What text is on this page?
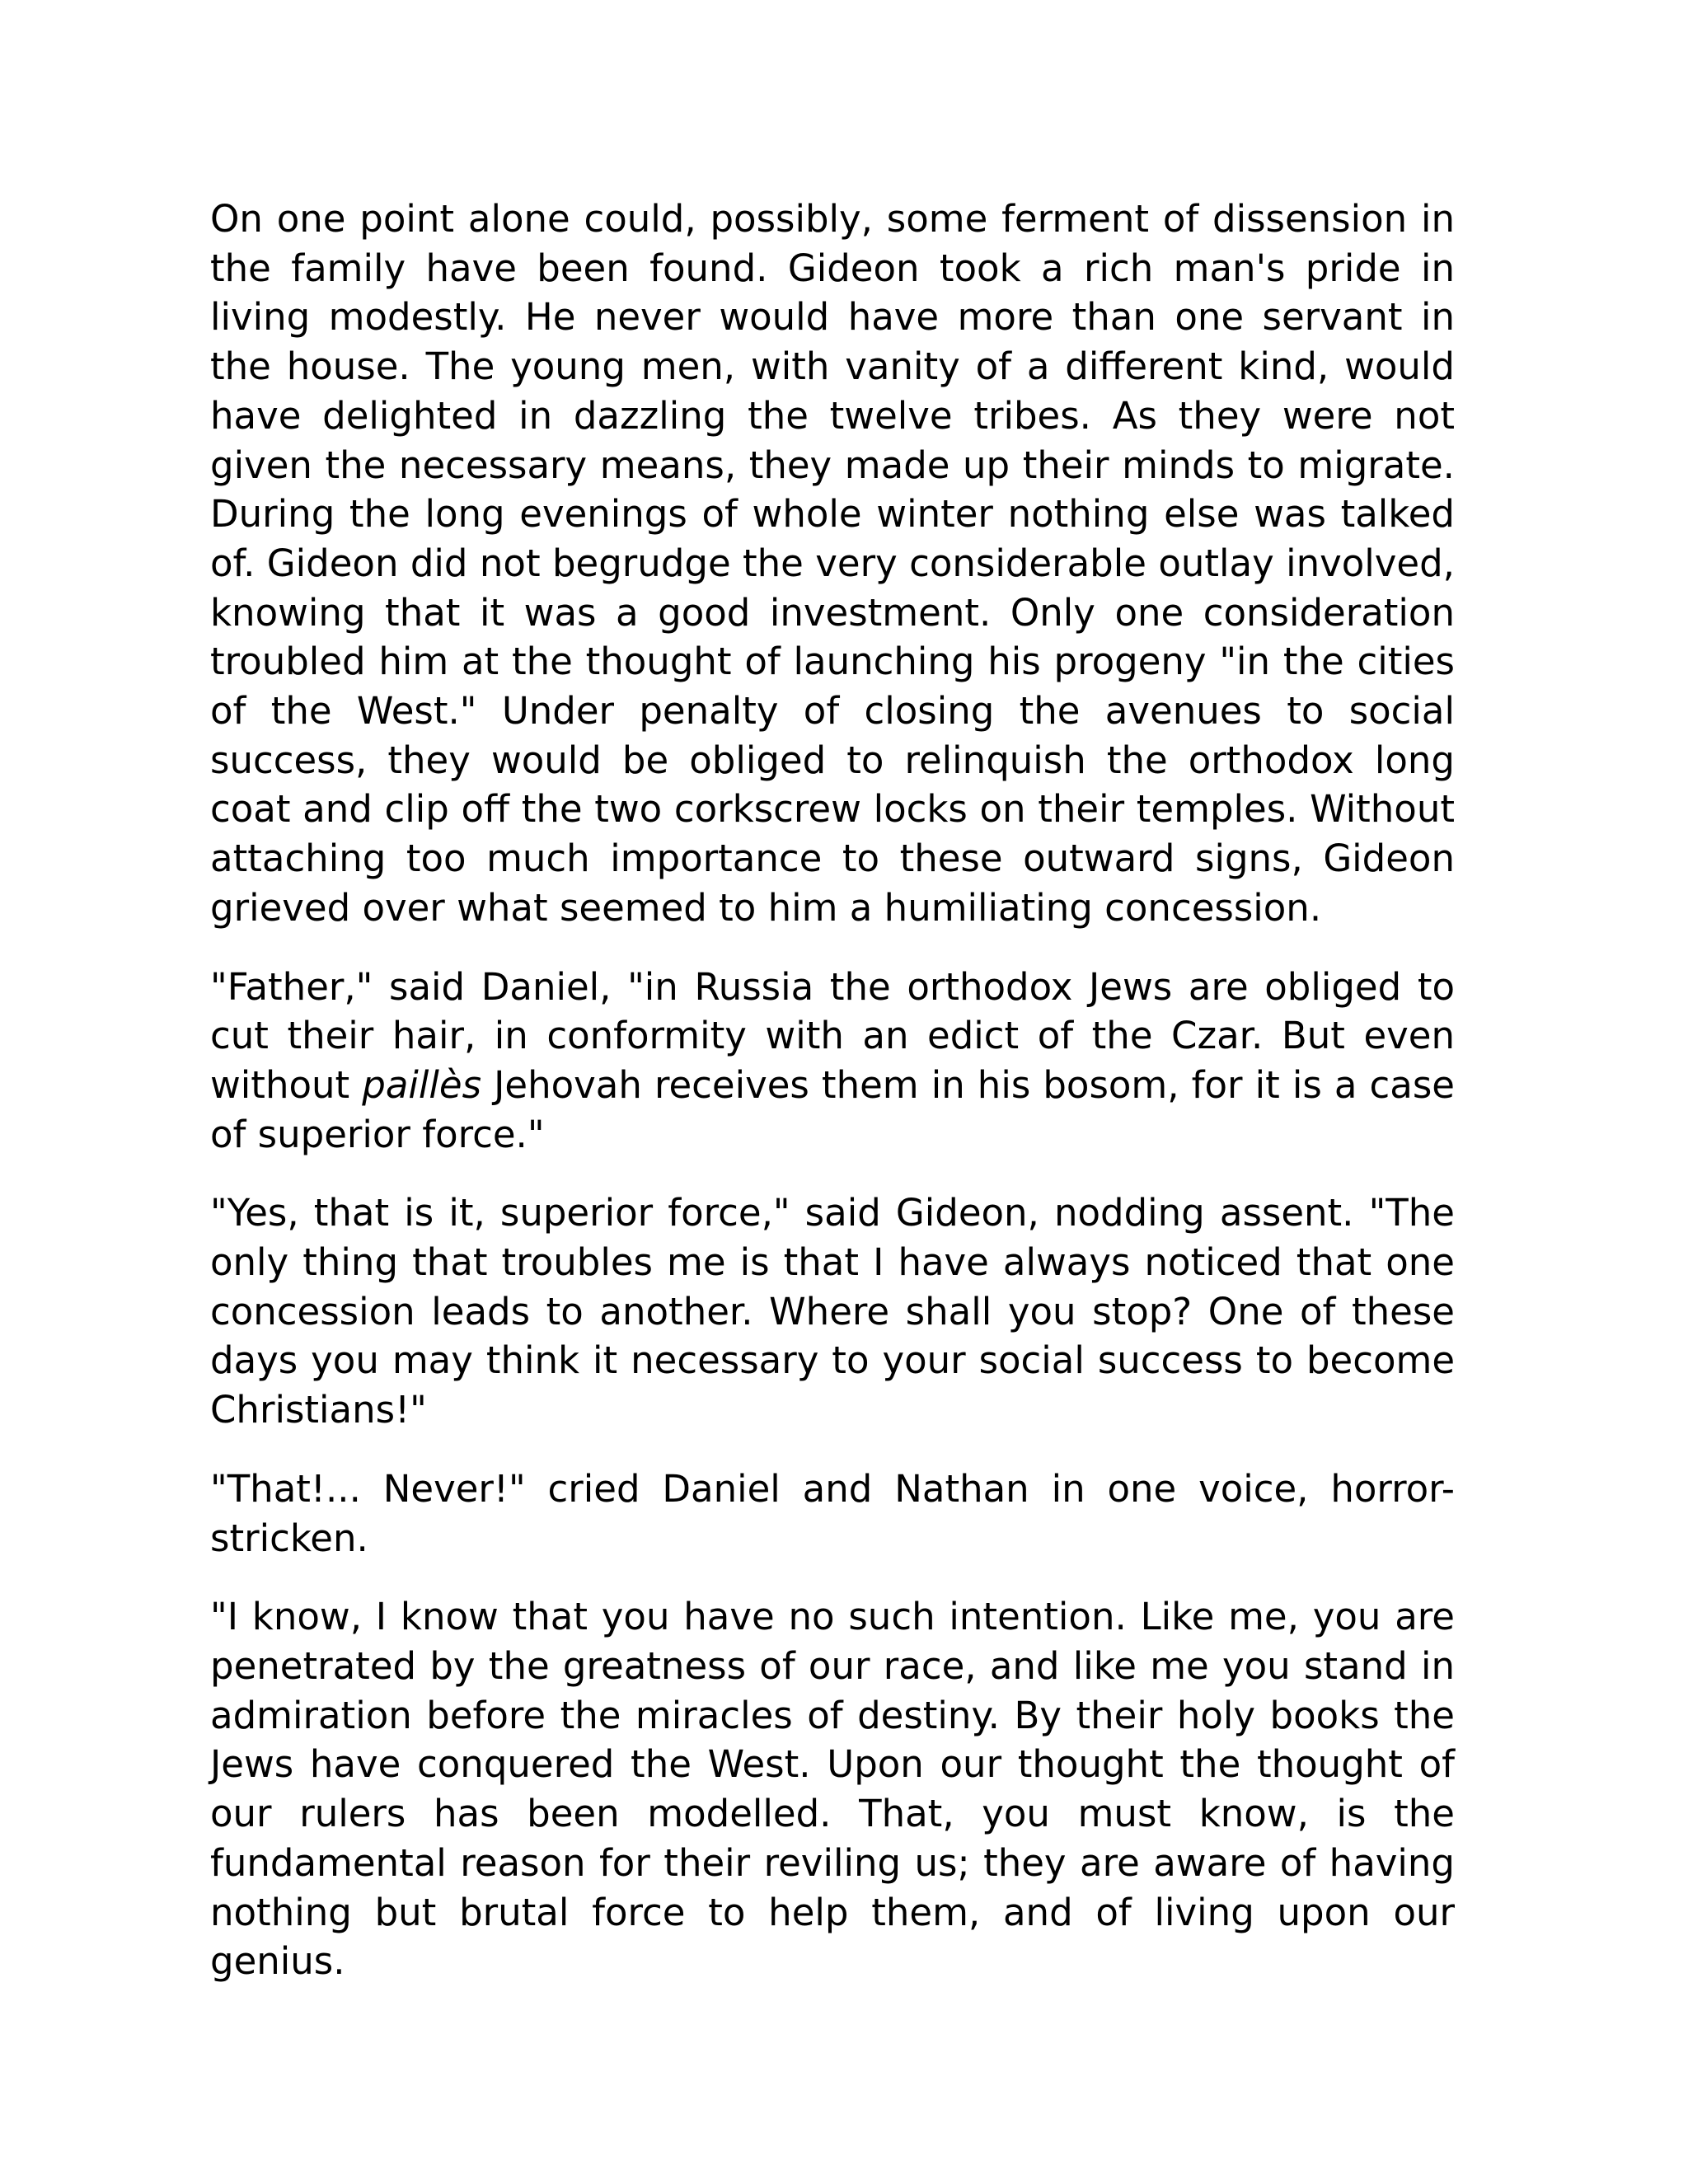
On one point alone could, possibly, some ferment of dissension in the family have been found. Gideon took a rich man's pride in living modestly. He never would have more than one servant in the house. The young men, with vanity of a different kind, would have delighted in dazzling the twelve tribes. As they were not given the necessary means, they made up their minds to migrate. During the long evenings of whole winter nothing else was talked of. Gideon did not begrudge the very considerable outlay involved, knowing that it was a good investment. Only one consideration troubled him at the thought of launching his progeny "in the cities of the West." Under penalty of closing the avenues to social success, they would be obliged to relinquish the orthodox long coat and clip off the two corkscrew locks on their temples. Without attaching too much importance to these outward signs, Gideon grieved over what seemed to him a humiliating concession.

"Father," said Daniel, "in Russia the orthodox Jews are obliged to cut their hair, in conformity with an edict of the Czar. But even without paillès Jehovah receives them in his bosom, for it is a case of superior force."

"Yes, that is it, superior force," said Gideon, nodding assent. "The only thing that troubles me is that I have always noticed that one concession leads to another. Where shall you stop? One of these days you may think it necessary to your social success to become Christians!"

"That!... Never!" cried Daniel and Nathan in one voice, horror-stricken.

"I know, I know that you have no such intention. Like me, you are penetrated by the greatness of our race, and like me you stand in admiration before the miracles of destiny. By their holy books the Jews have conquered the West. Upon our thought the thought of our rulers has been modelled. That, you must know, is the fundamental reason for their reviling us; they are aware of having nothing but brutal force to help them, and of living upon our genius.
